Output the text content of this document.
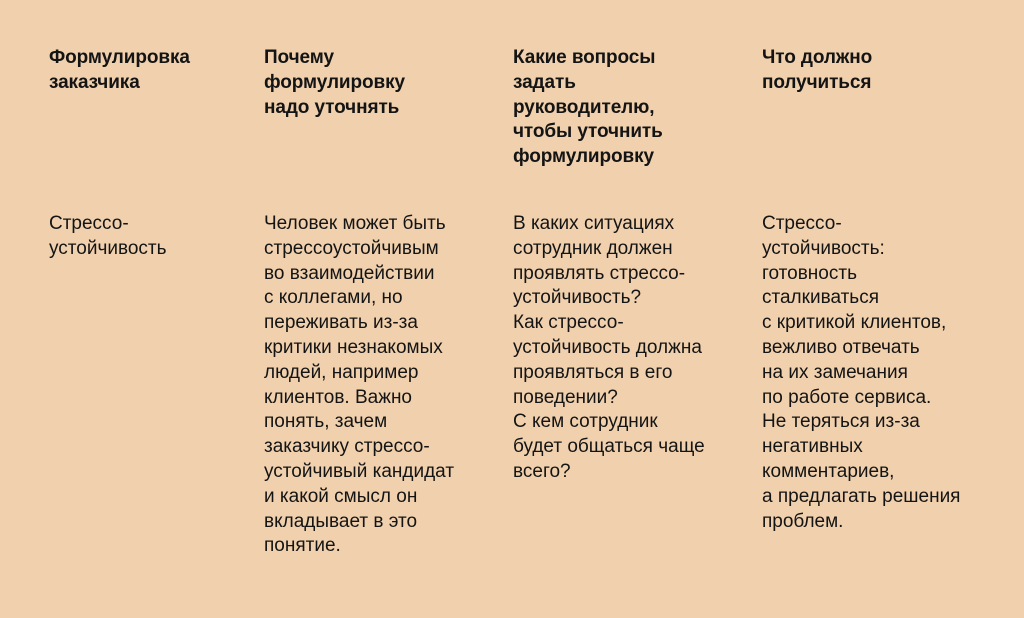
Формулировка
заказчика
Стрессо-
устойчивость
Почему
формулировку
надо уточнять
Человек может быть
стрессоустойчивым
во взаимодействии
с коллегами, но
переживать из-за
критики незнакомых
людей, например
клиентов. Важно
понять, зачем
заказчику стрессо-
устойчивый кандидат
и какой смысл он
вкладывает в это
понятие.
Какие вопросы
задать
руководителю,
чтобы уточнить
формулировку
В каких ситуациях
сотрудник должен
проявлять стрессо-
устойчивость?
Как стрессо-
устойчивость должна
проявляться в его
поведении?
С кем сотрудник
будет общаться чаще
всего?
Что должно
получиться
Стрессо-
устойчивость:
готовность
сталкиваться
с критикой клиентов,
вежливо отвечать
на их замечания
по работе сервиса.
Не теряться из-за
негативных
комментариев,
а предлагать решения
проблем.
